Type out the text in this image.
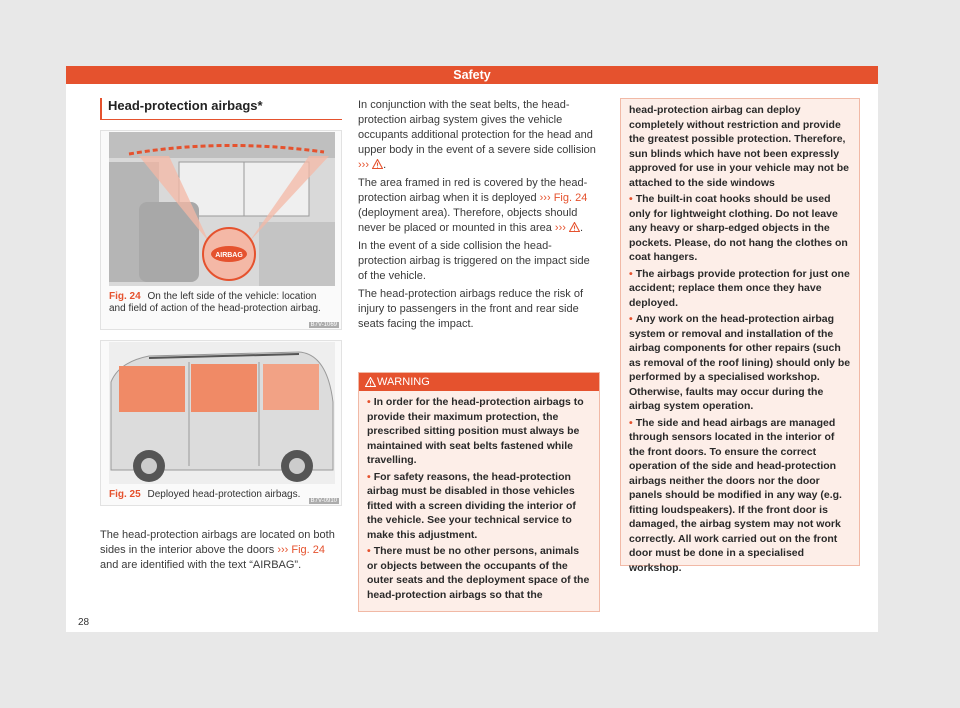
Safety
Head-protection airbags*
AIRBAG
B7V-1069
Fig. 24 On the left side of the vehicle: location and field of action of the head-protection airbag.
B7V-0910
Fig. 25 Deployed head-protection airbags.

The head-protection airbags are located on both sides in the interior above the doors ››› Fig. 24 and are identified with the text “AIRBAG”.

In conjunction with the seat belts, the head-protection airbag system gives the vehicle occupants additional protection for the head and upper body in the event of a severe side collision ››› .

The area framed in red is covered by the head-protection airbag when it is deployed ››› Fig. 24 (deployment area). Therefore, objects should never be placed or mounted in this area ››› .

In the event of a side collision the head-protection airbag is triggered on the impact side of the vehicle.

The head-protection airbags reduce the risk of injury to passengers in the front and rear side seats facing the impact.

WARNING

• In order for the head-protection airbags to provide their maximum protection, the prescribed sitting position must always be maintained with seat belts fastened while travelling.

• For safety reasons, the head-protection airbag must be disabled in those vehicles fitted with a screen dividing the interior of the vehicle. See your technical service to make this adjustment.

• There must be no other persons, animals or objects between the occupants of the outer seats and the deployment space of the head-protection airbags so that the

head-protection airbag can deploy completely without restriction and provide the greatest possible protection. Therefore, sun blinds which have not been expressly approved for use in your vehicle may not be attached to the side windows

• The built-in coat hooks should be used only for lightweight clothing. Do not leave any heavy or sharp-edged objects in the pockets. Please, do not hang the clothes on coat hangers.

• The airbags provide protection for just one accident; replace them once they have deployed.

• Any work on the head-protection airbag system or removal and installation of the airbag components for other repairs (such as removal of the roof lining) should only be performed by a specialised workshop. Otherwise, faults may occur during the airbag system operation.

• The side and head airbags are managed through sensors located in the interior of the front doors. To ensure the correct operation of the side and head-protection airbags neither the doors nor the door panels should be modified in any way (e.g. fitting loudspeakers). If the front door is damaged, the airbag system may not work correctly. All work carried out on the front door must be done in a specialised workshop.

28
